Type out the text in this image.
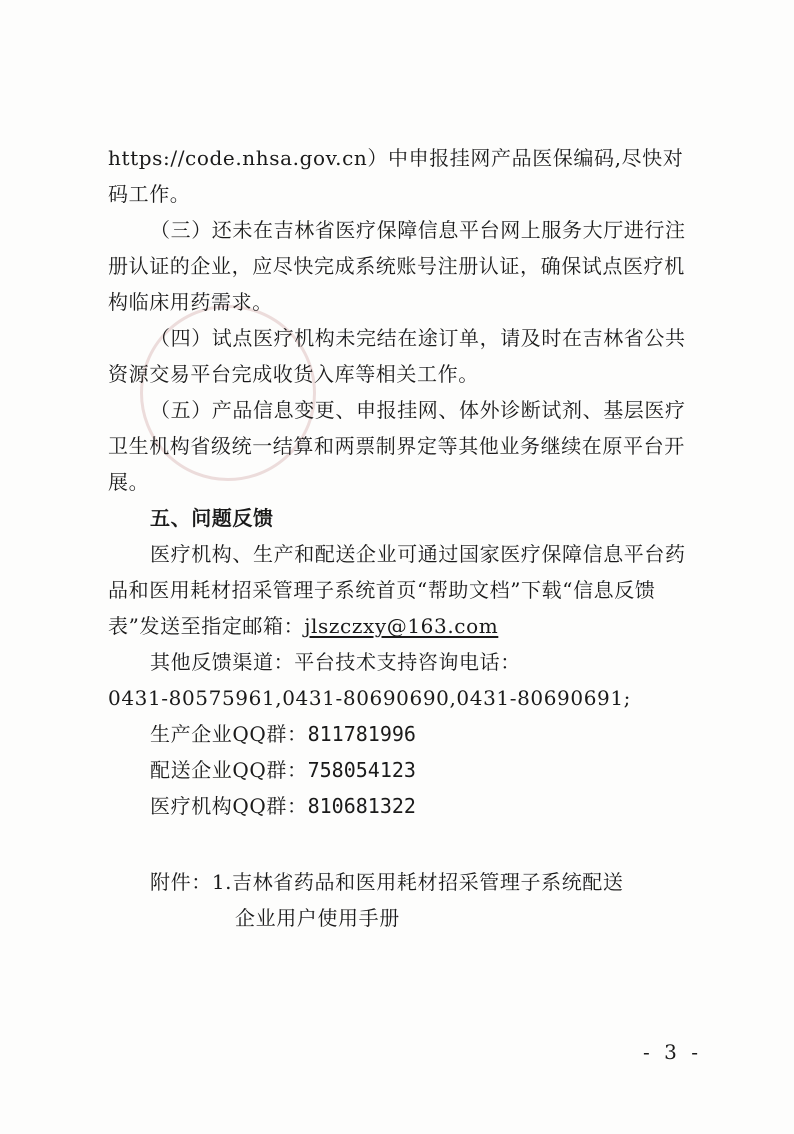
https://code.nhsa.gov.cn）中申报挂网产品医保编码,尽快对码工作。

（三）还未在吉林省医疗保障信息平台网上服务大厅进行注册认证的企业，应尽快完成系统账号注册认证，确保试点医疗机构临床用药需求。

（四）试点医疗机构未完结在途订单，请及时在吉林省公共资源交易平台完成收货入库等相关工作。

（五）产品信息变更、申报挂网、体外诊断试剂、基层医疗卫生机构省级统一结算和两票制界定等其他业务继续在原平台开展。

五、问题反馈

医疗机构、生产和配送企业可通过国家医疗保障信息平台药品和医用耗材招采管理子系统首页“帮助文档”下载“信息反馈表”发送至指定邮箱：jlszczxy@163.com

其他反馈渠道：平台技术支持咨询电话：

0431-80575961,0431-80690690,0431-80690691;

生产企业QQ群：811781996

配送企业QQ群：758054123

医疗机构QQ群：810681322

附件：1.吉林省药品和医用耗材招采管理子系统配送

企业用户使用手册

- 3 -
